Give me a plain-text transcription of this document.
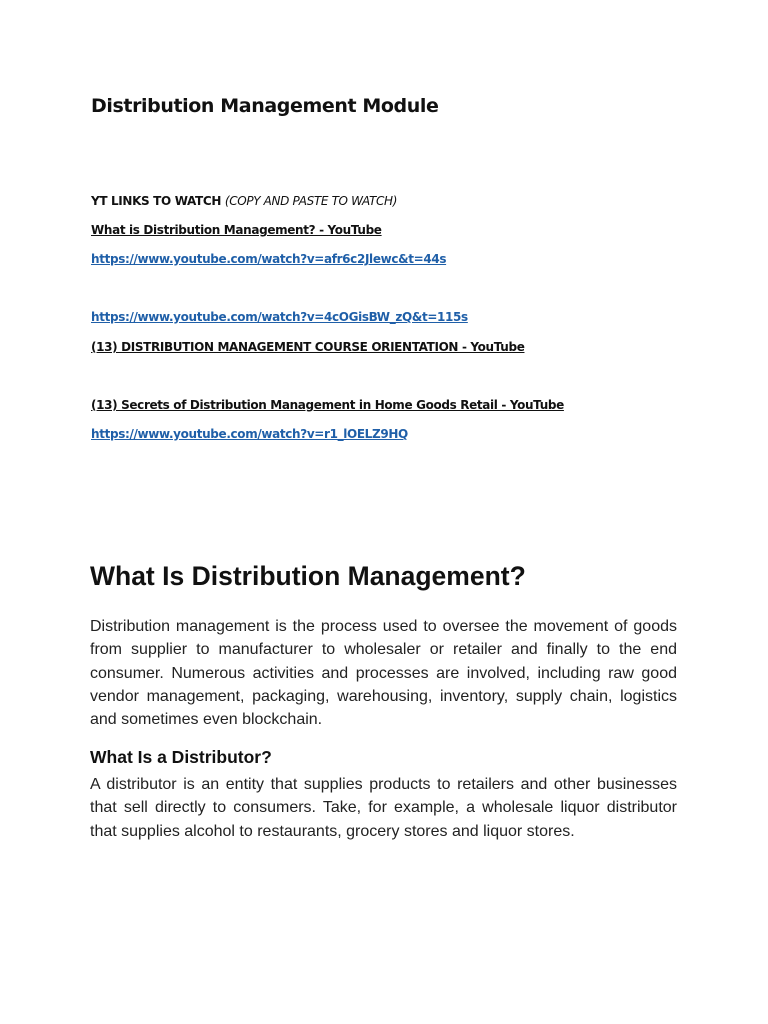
Distribution Management Module
YT LINKS TO WATCH (COPY AND PASTE TO WATCH)
What is Distribution Management? - YouTube
https://www.youtube.com/watch?v=afr6c2Jlewc&t=44s
https://www.youtube.com/watch?v=4cOGisBW_zQ&t=115s
(13) DISTRIBUTION MANAGEMENT COURSE ORIENTATION - YouTube
(13) Secrets of Distribution Management in Home Goods Retail - YouTube
https://www.youtube.com/watch?v=r1_lOELZ9HQ
What Is Distribution Management?

Distribution management is the process used to oversee the movement of goods from supplier to manufacturer to wholesaler or retailer and finally to the end consumer. Numerous activities and processes are involved, including raw good vendor management, packaging, warehousing, inventory, supply chain, logistics and sometimes even blockchain.

What Is a Distributor?

A distributor is an entity that supplies products to retailers and other businesses that sell directly to consumers. Take, for example, a wholesale liquor distributor that supplies alcohol to restaurants, grocery stores and liquor stores.
